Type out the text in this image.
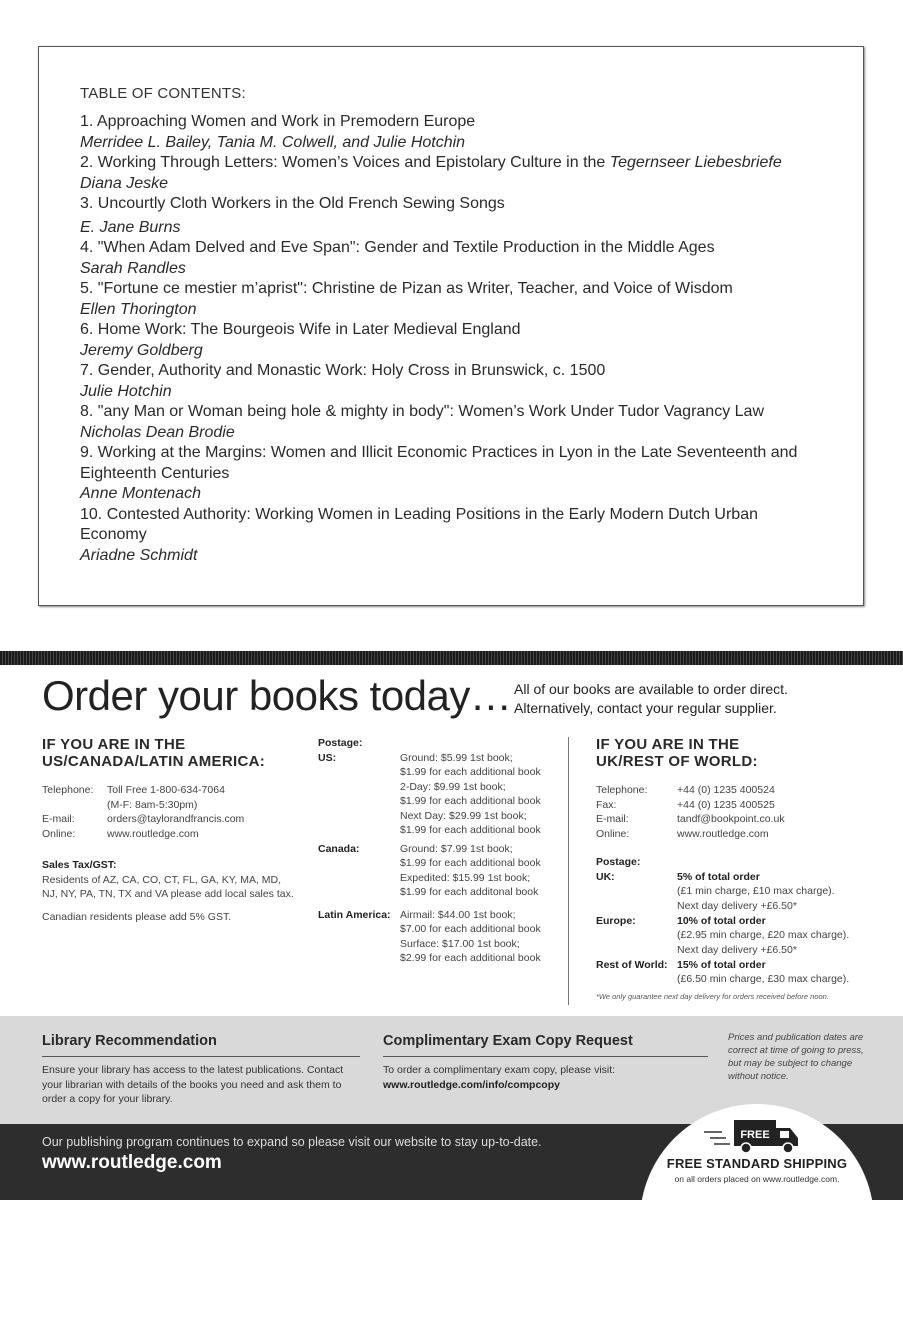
TABLE OF CONTENTS:
1. Approaching Women and Work in Premodern Europe
Merridee L. Bailey, Tania M. Colwell, and Julie Hotchin
2. Working Through Letters: Women’s Voices and Epistolary Culture in the Tegernseer Liebesbriefe
Diana Jeske
3. Uncourtly Cloth Workers in the Old French Sewing Songs
E. Jane Burns
4. "When Adam Delved and Eve Span": Gender and Textile Production in the Middle Ages
Sarah Randles
5. "Fortune ce mestier m’aprist": Christine de Pizan as Writer, Teacher, and Voice of Wisdom
Ellen Thorington
6. Home Work: The Bourgeois Wife in Later Medieval England
Jeremy Goldberg
7. Gender, Authority and Monastic Work: Holy Cross in Brunswick, c. 1500
Julie Hotchin
8. "any Man or Woman being hole & mighty in body": Women’s Work Under Tudor Vagrancy Law
Nicholas Dean Brodie
9. Working at the Margins: Women and Illicit Economic Practices in Lyon in the Late Seventeenth and
Eighteenth Centuries
Anne Montenach
10. Contested Authority: Working Women in Leading Positions in the Early Modern Dutch Urban
Economy
Ariadne Schmidt
Order your books today… All of our books are available to order direct.
Alternatively, contact your regular supplier.
IF YOU ARE IN THE
US/CANADA/LATIN AMERICA:
Telephone: Toll Free 1-800-634-7064
(M-F: 8am-5:30pm)
E-mail:	orders@taylorandfrancis.com
Online:	www.routledge.com
Sales Tax/GST:
Residents of AZ, CA, CO, CT, FL, GA, KY, MA, MD,
NJ, NY, PA, TN, TX and VA please add local sales tax.
Canadian residents please add 5% GST.
Postage:
US:	Ground: $5.99 1st book;
$1.99 for each additional book
2-Day: $9.99 1st book;
$1.99 for each additional book
Next Day: $29.99 1st book;
$1.99 for each additional book
Canada:	Ground: $7.99 1st book;
$1.99 for each additional book
Expedited: $15.99 1st book;
$1.99 for each additonal book
Latin America: Airmail: $44.00 1st book;
$7.00 for each additional book
Surface: $17.00 1st book;
$2.99 for each additional book
IF YOU ARE IN THE
UK/REST OF WORLD:
Telephone:	+44 (0) 1235 400524
Fax:	+44 (0) 1235 400525
E-mail:	tandf@bookpoint.co.uk
Online:	www.routledge.com
Postage:
UK:	5% of total order
(£1 min charge, £10 max charge).
Next day delivery +£6.50*
Europe:	10% of total order
(£2.95 min charge, £20 max charge).
Next day delivery +£6.50*
Rest of World: 15% of total order
(£6.50 min charge, £30 max charge).
*We only guarantee next day delivery for orders received before noon.
Library Recommendation
Ensure your library has access to the latest publications. Contact
your librarian with details of the books you need and ask them to
order a copy for your library.
Complimentary Exam Copy Request
To order a complimentary exam copy, please visit:
www.routledge.com/info/compcopy
Prices and publication dates are
correct at time of going to press,
but may be subject to change
without notice.
Our publishing program continues to expand so please visit our website to stay up-to-date.
www.routledge.com
FREE
FREE STANDARD SHIPPING
on all orders placed on www.routledge.com.
